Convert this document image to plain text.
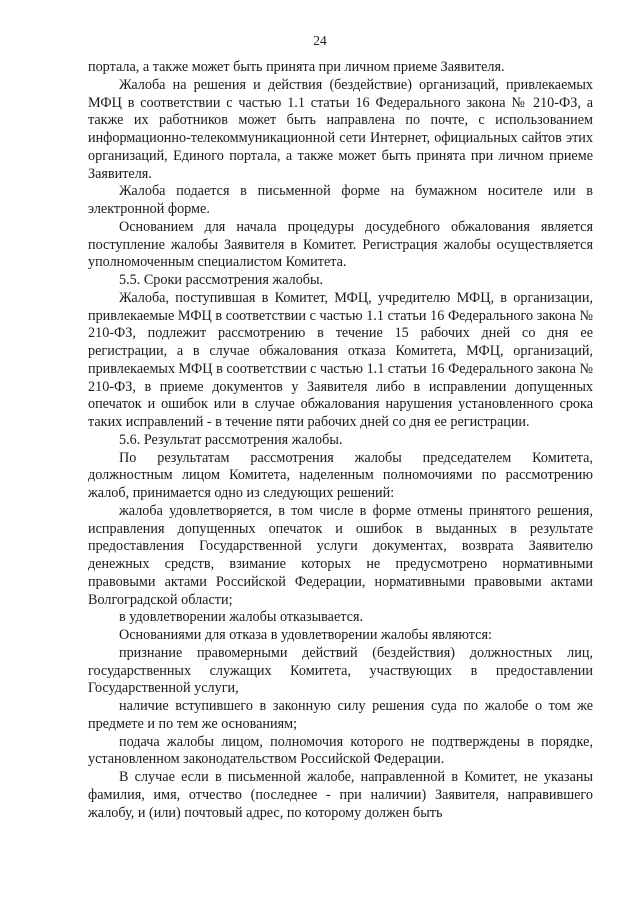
24

портала, а также может быть принята при личном приеме Заявителя.

Жалоба на решения и действия (бездействие) организаций, привлекаемых МФЦ в соответствии с частью 1.1 статьи 16 Федерального закона № 210-ФЗ, а также их работников может быть направлена по почте, с использованием информационно-телекоммуникационной сети Интернет, официальных сайтов этих организаций, Единого портала, а также может быть принята при личном приеме Заявителя.

Жалоба подается в письменной форме на бумажном носителе или в электронной форме.

Основанием для начала процедуры досудебного обжалования является поступление жалобы Заявителя в Комитет. Регистрация жалобы осуществляется уполномоченным специалистом Комитета.

5.5. Сроки рассмотрения жалобы.

Жалоба, поступившая в Комитет, МФЦ, учредителю МФЦ, в организации, привлекаемые МФЦ в соответствии с частью 1.1 статьи 16 Федерального закона № 210-ФЗ, подлежит рассмотрению в течение 15 рабочих дней со дня ее регистрации, а в случае обжалования отказа Комитета, МФЦ, организаций, привлекаемых МФЦ в соответствии с частью 1.1 статьи 16 Федерального закона № 210-ФЗ, в приеме документов у Заявителя либо в исправлении допущенных опечаток и ошибок или в случае обжалования нарушения установленного срока таких исправлений - в течение пяти рабочих дней со дня ее регистрации.

5.6. Результат рассмотрения жалобы.

По результатам рассмотрения жалобы председателем Комитета, должностным лицом Комитета, наделенным полномочиями по рассмотрению жалоб, принимается одно из следующих решений:

жалоба удовлетворяется, в том числе в форме отмены принятого решения, исправления допущенных опечаток и ошибок в выданных в результате предоставления Государственной услуги документах, возврата Заявителю денежных средств, взимание которых не предусмотрено нормативными правовыми актами Российской Федерации, нормативными правовыми актами Волгоградской области;

в удовлетворении жалобы отказывается.

Основаниями для отказа в удовлетворении жалобы являются:

признание правомерными действий (бездействия) должностных лиц, государственных служащих Комитета, участвующих в предоставлении Государственной услуги,

наличие вступившего в законную силу решения суда по жалобе о том же предмете и по тем же основаниям;

подача жалобы лицом, полномочия которого не подтверждены в порядке, установленном законодательством Российской Федерации.

В случае если в письменной жалобе, направленной в Комитет, не указаны фамилия, имя, отчество (последнее - при наличии) Заявителя, направившего жалобу, и (или) почтовый адрес, по которому должен быть
